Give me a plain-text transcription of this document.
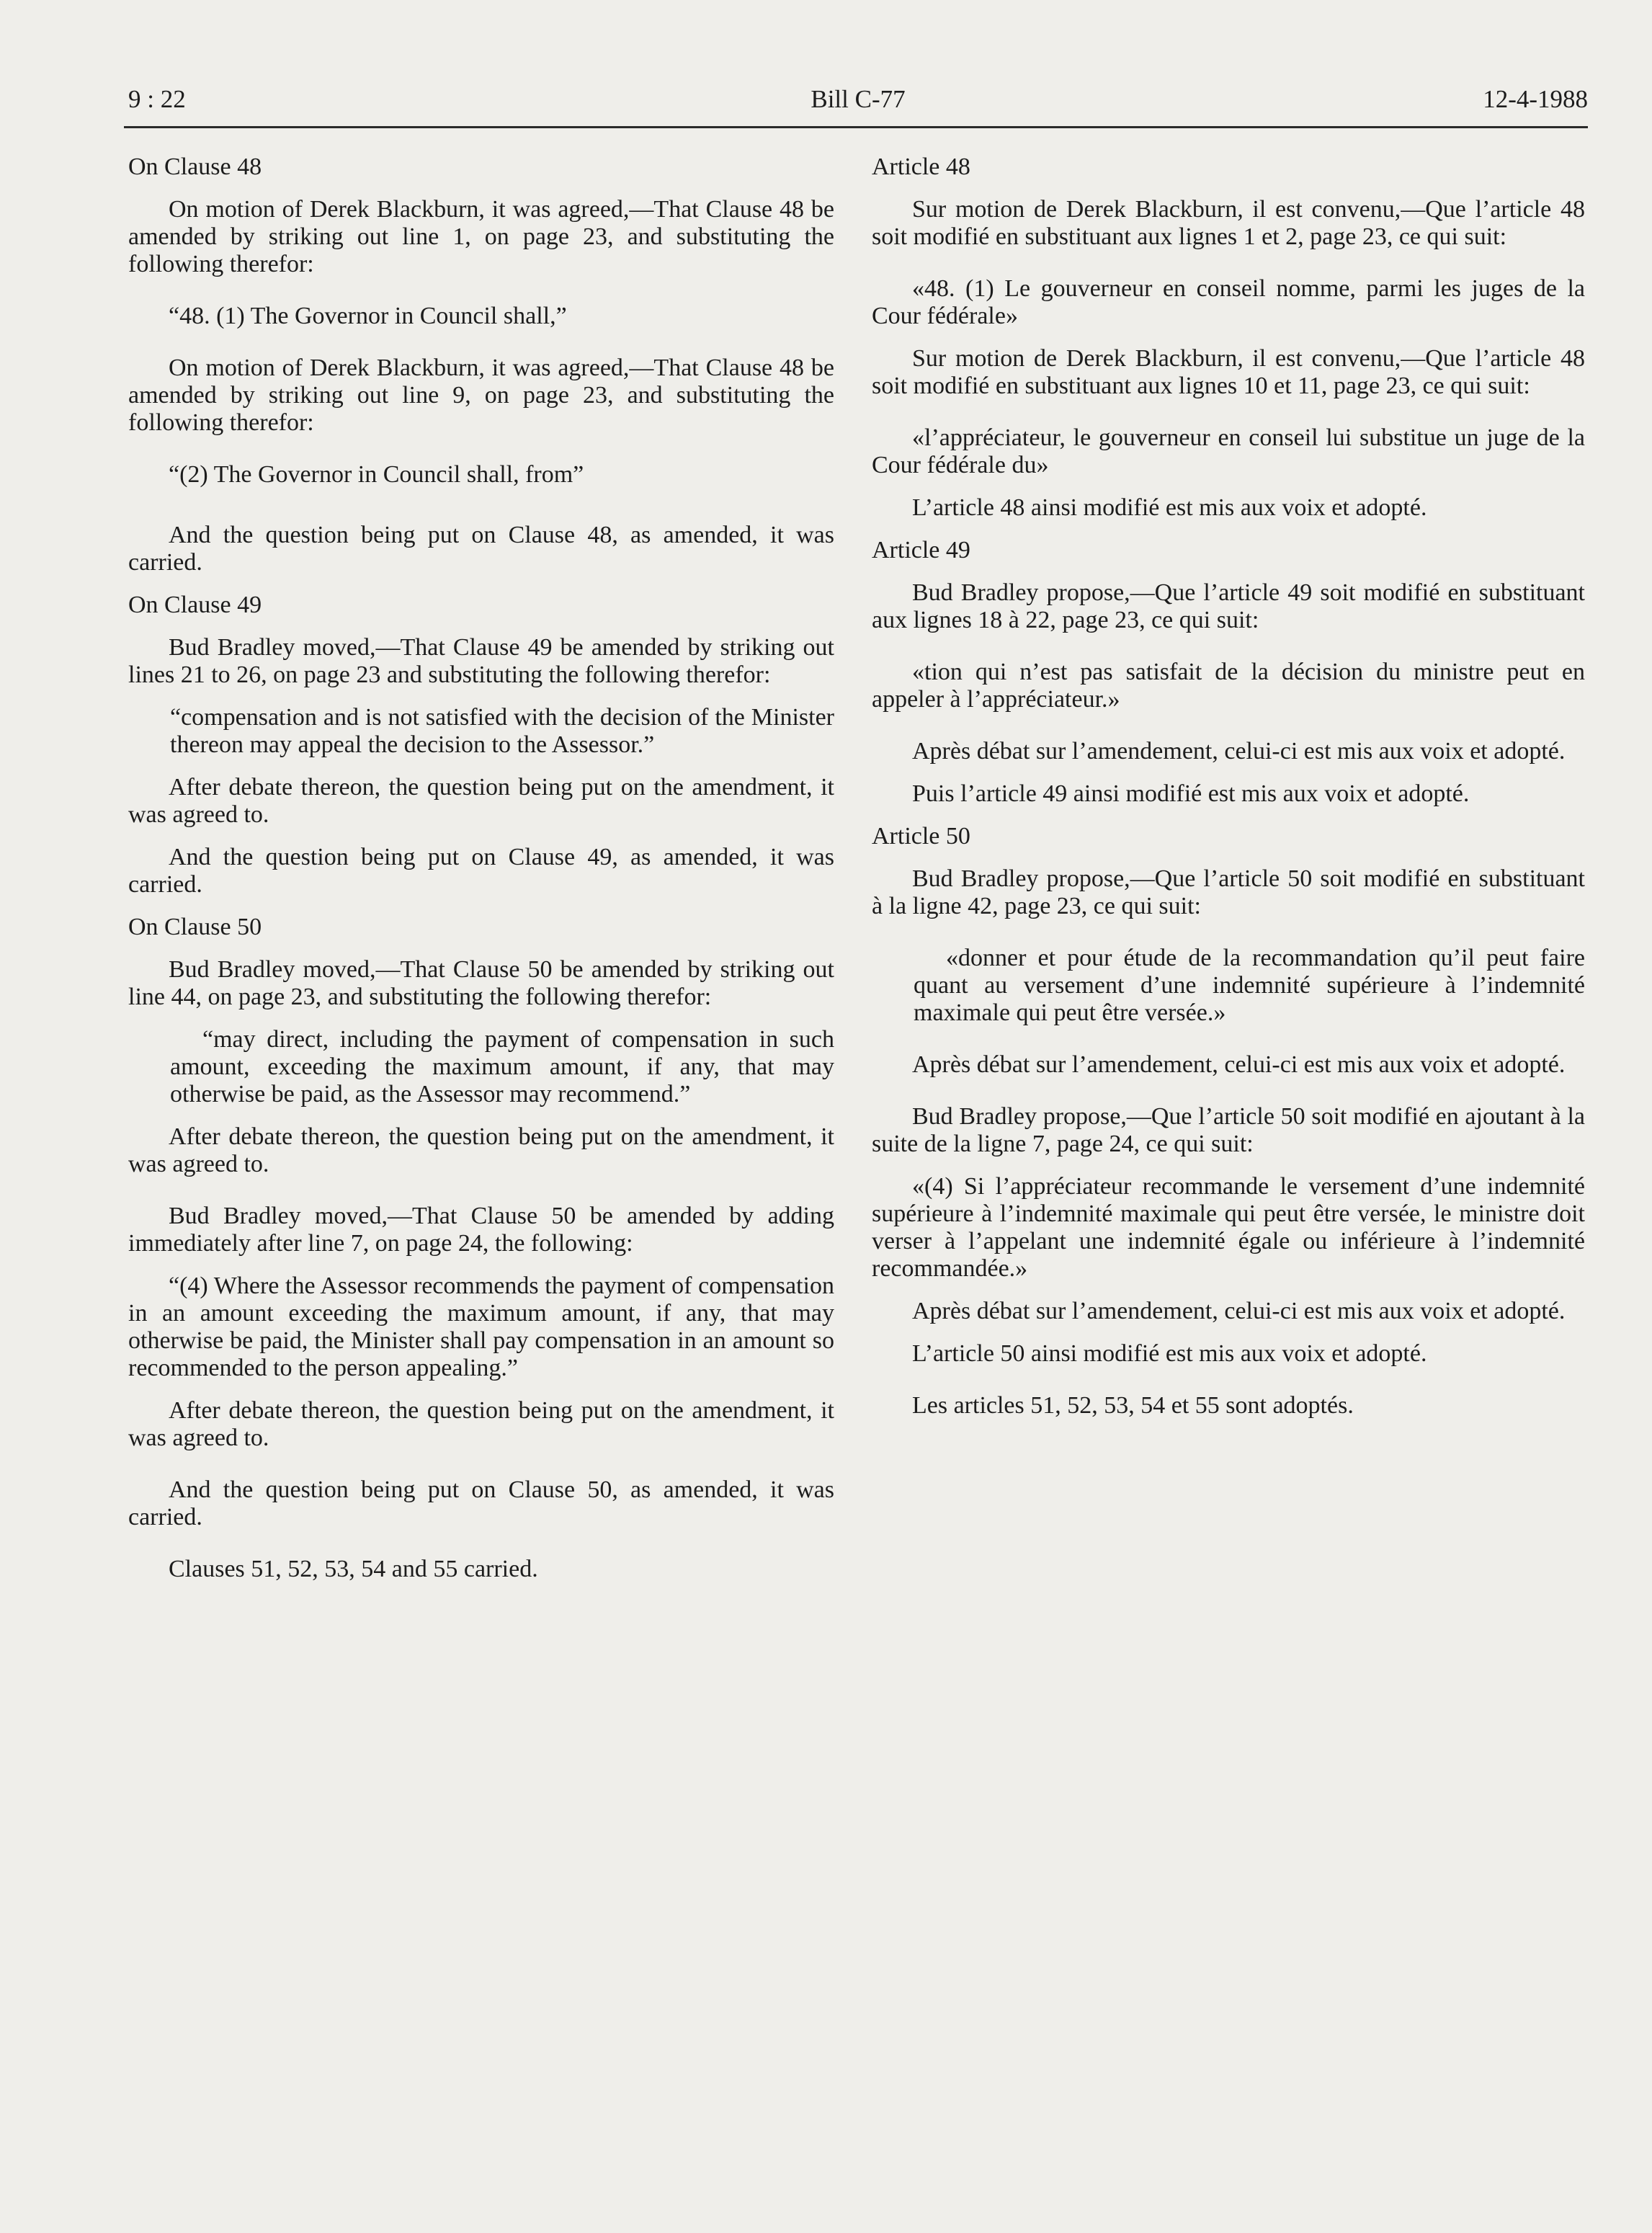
9 : 22	Bill C-77	12-4-1988

On Clause 48

On motion of Derek Blackburn, it was agreed,—That Clause 48 be amended by striking out line 1, on page 23, and substituting the following therefor:

“48. (1) The Governor in Council shall,”

On motion of Derek Blackburn, it was agreed,—That Clause 48 be amended by striking out line 9, on page 23, and substituting the following therefor:

“(2) The Governor in Council shall, from”

And the question being put on Clause 48, as amended, it was carried.

On Clause 49

Bud Bradley moved,—That Clause 49 be amended by striking out lines 21 to 26, on page 23 and substituting the following therefor:

“compensation and is not satisfied with the decision of the Minister thereon may appeal the decision to the Assessor.”

After debate thereon, the question being put on the amendment, it was agreed to.

And the question being put on Clause 49, as amended, it was carried.

On Clause 50

Bud Bradley moved,—That Clause 50 be amended by striking out line 44, on page 23, and substituting the following therefor:

“may direct, including the payment of compensation in such amount, exceeding the maximum amount, if any, that may otherwise be paid, as the Assessor may recommend.”

After debate thereon, the question being put on the amendment, it was agreed to.

Bud Bradley moved,—That Clause 50 be amended by adding immediately after line 7, on page 24, the following:

“(4) Where the Assessor recommends the payment of compensation in an amount exceeding the maximum amount, if any, that may otherwise be paid, the Minister shall pay compensation in an amount so recommended to the person appealing.”

After debate thereon, the question being put on the amendment, it was agreed to.

And the question being put on Clause 50, as amended, it was carried.

Clauses 51, 52, 53, 54 and 55 carried.

Article 48

Sur motion de Derek Blackburn, il est convenu,—Que l’article 48 soit modifié en substituant aux lignes 1 et 2, page 23, ce qui suit:

«48. (1) Le gouverneur en conseil nomme, parmi les juges de la Cour fédérale»

Sur motion de Derek Blackburn, il est convenu,—Que l’article 48 soit modifié en substituant aux lignes 10 et 11, page 23, ce qui suit:

«l’appréciateur, le gouverneur en conseil lui substitue un juge de la Cour fédérale du»

L’article 48 ainsi modifié est mis aux voix et adopté.

Article 49

Bud Bradley propose,—Que l’article 49 soit modifié en substituant aux lignes 18 à 22, page 23, ce qui suit:

«tion qui n’est pas satisfait de la décision du ministre peut en appeler à l’appréciateur.»

Après débat sur l’amendement, celui-ci est mis aux voix et adopté.

Puis l’article 49 ainsi modifié est mis aux voix et adopté.

Article 50

Bud Bradley propose,—Que l’article 50 soit modifié en substituant à la ligne 42, page 23, ce qui suit:

«donner et pour étude de la recommandation qu’il peut faire quant au versement d’une indemnité supérieure à l’indemnité maximale qui peut être versée.»

Après débat sur l’amendement, celui-ci est mis aux voix et adopté.

Bud Bradley propose,—Que l’article 50 soit modifié en ajoutant à la suite de la ligne 7, page 24, ce qui suit:

«(4) Si l’appréciateur recommande le versement d’une indemnité supérieure à l’indemnité maximale qui peut être versée, le ministre doit verser à l’appelant une indemnité égale ou inférieure à l’indemnité recommandée.»

Après débat sur l’amendement, celui-ci est mis aux voix et adopté.

L’article 50 ainsi modifié est mis aux voix et adopté.

Les articles 51, 52, 53, 54 et 55 sont adoptés.
